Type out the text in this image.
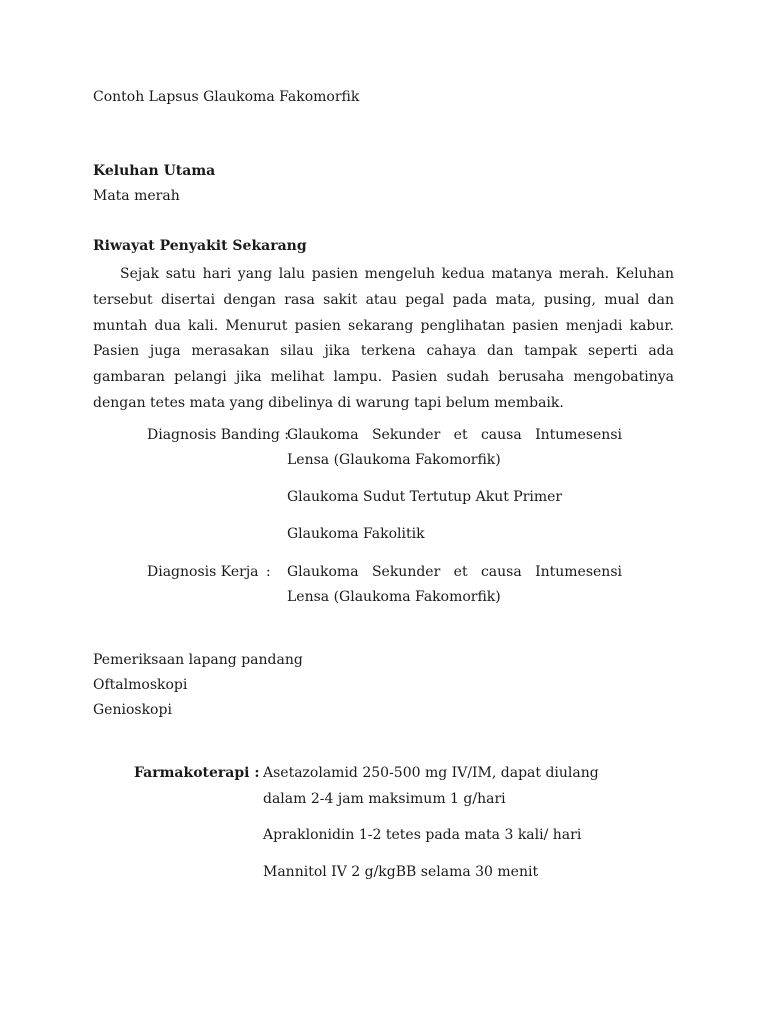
Contoh Lapsus Glaukoma Fakomorfik
Keluhan Utama
Mata merah
Riwayat Penyakit Sekarang
Sejak satu hari yang lalu pasien mengeluh kedua matanya merah. Keluhan tersebut disertai dengan rasa sakit atau pegal pada mata, pusing, mual dan muntah dua kali. Menurut pasien sekarang penglihatan pasien menjadi kabur. Pasien juga merasakan silau jika terkena cahaya dan tampak seperti ada gambaran pelangi jika melihat lampu. Pasien sudah berusaha mengobatinya dengan tetes mata yang dibelinya di warung tapi belum membaik.
Diagnosis Banding :
Glaukoma Sekunder et causa Intumesensi Lensa (Glaukoma Fakomorfik)
Glaukoma Sudut Tertutup Akut Primer
Glaukoma Fakolitik
Diagnosis Kerja : Glaukoma Sekunder et causa Intumesensi Lensa (Glaukoma Fakomorfik)
Pemeriksaan lapang pandang
Oftalmoskopi
Genioskopi
Farmakoterapi : Asetazolamid 250-500 mg IV/IM, dapat diulang dalam 2-4 jam maksimum 1 g/hari
Apraklonidin 1-2 tetes pada mata 3 kali/ hari
Mannitol IV 2 g/kgBB selama 30 menit
